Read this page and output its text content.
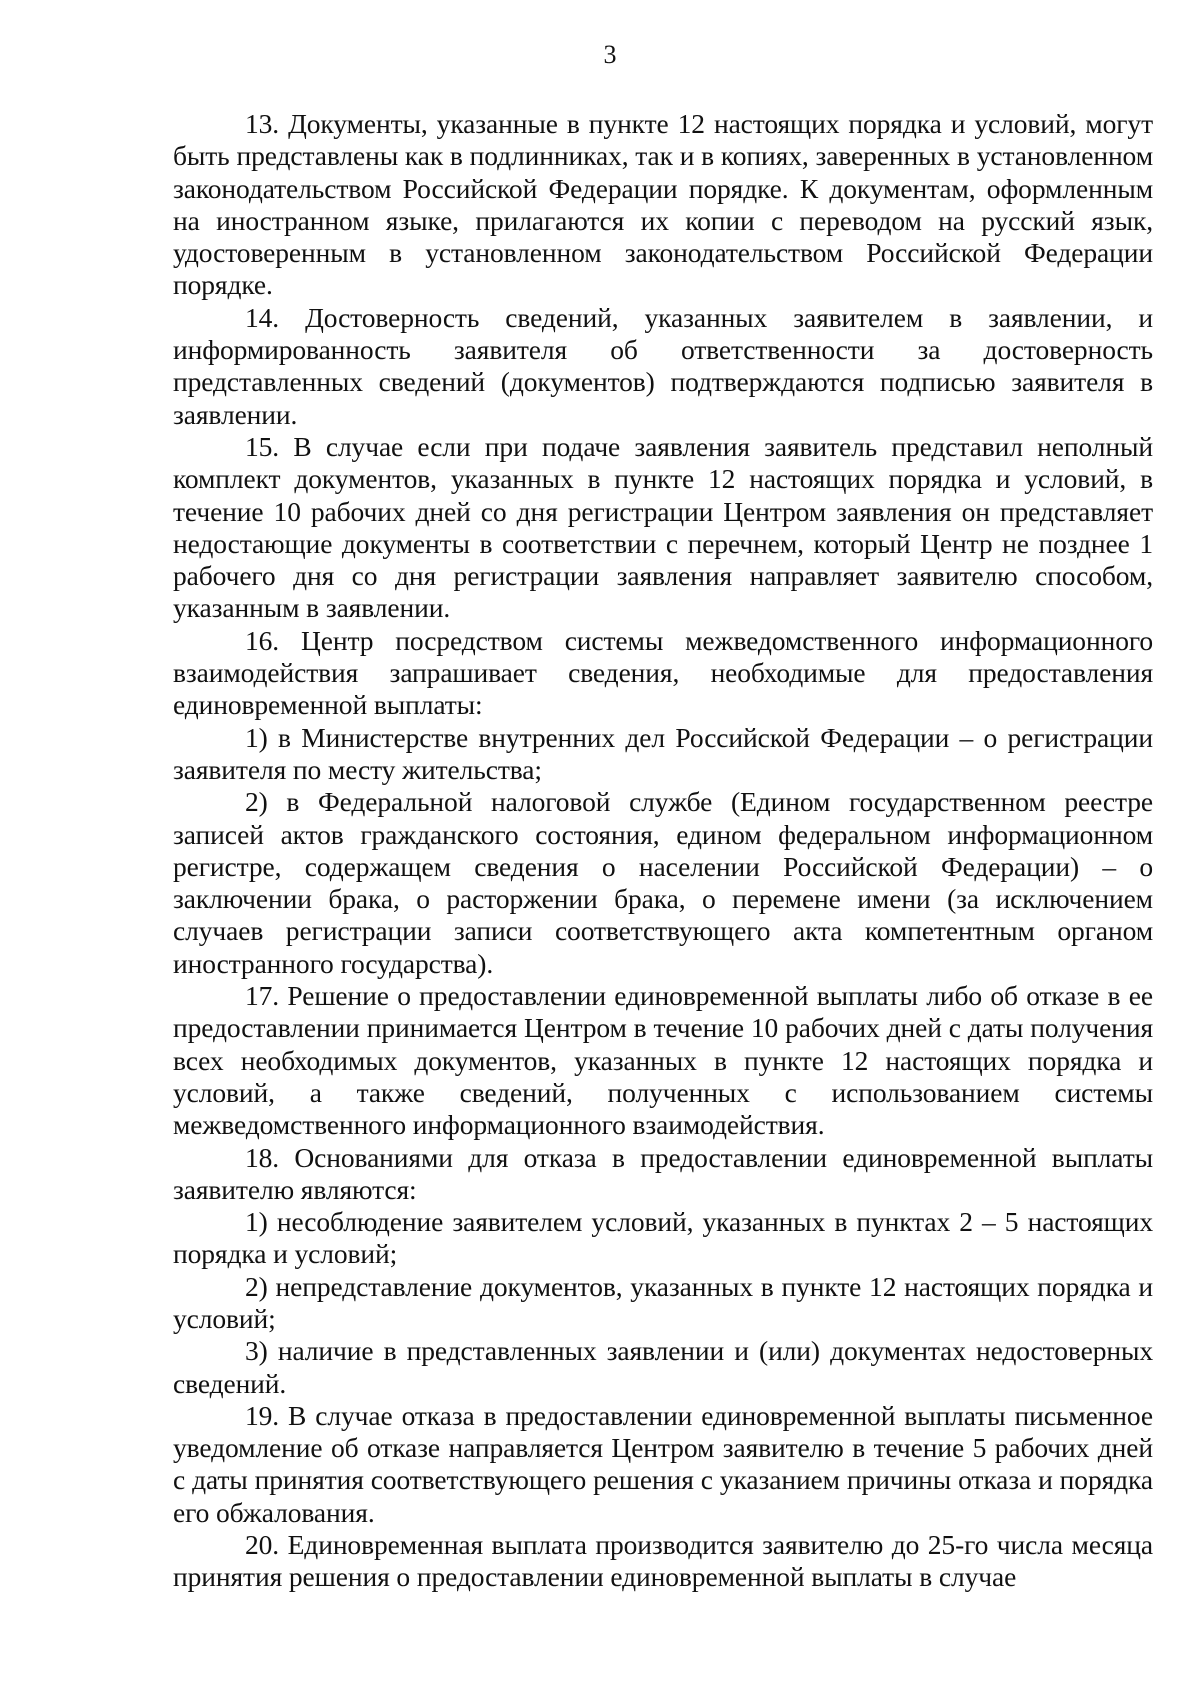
3

13. Документы, указанные в пункте 12 настоящих порядка и условий, могут быть представлены как в подлинниках, так и в копиях, заверенных в установленном законодательством Российской Федерации порядке. К документам, оформленным на иностранном языке, прилагаются их копии с переводом на русский язык, удостоверенным в установленном законодательством Российской Федерации порядке.

14. Достоверность сведений, указанных заявителем в заявлении, и информированность заявителя об ответственности за достоверность представленных сведений (документов) подтверждаются подписью заявителя в заявлении.

15. В случае если при подаче заявления заявитель представил неполный комплект документов, указанных в пункте 12 настоящих порядка и условий, в течение 10 рабочих дней со дня регистрации Центром заявления он представляет недостающие документы в соответствии с перечнем, который Центр не позднее 1 рабочего дня со дня регистрации заявления направляет заявителю способом, указанным в заявлении.

16. Центр посредством системы межведомственного информационного взаимодействия запрашивает сведения, необходимые для предоставления единовременной выплаты:

1) в Министерстве внутренних дел Российской Федерации – о регистрации заявителя по месту жительства;

2) в Федеральной налоговой службе (Едином государственном реестре записей актов гражданского состояния, едином федеральном информационном регистре, содержащем сведения о населении Российской Федерации) – о заключении брака, о расторжении брака, о перемене имени (за исключением случаев регистрации записи соответствующего акта компетентным органом иностранного государства).

17. Решение о предоставлении единовременной выплаты либо об отказе в ее предоставлении принимается Центром в течение 10 рабочих дней с даты получения всех необходимых документов, указанных в пункте 12 настоящих порядка и условий, а также сведений, полученных с использованием системы межведомственного информационного взаимодействия.

18. Основаниями для отказа в предоставлении единовременной выплаты заявителю являются:

1) несоблюдение заявителем условий, указанных в пунктах 2 – 5 настоящих порядка и условий;

2) непредставление документов, указанных в пункте 12 настоящих порядка и условий;

3) наличие в представленных заявлении и (или) документах недостоверных сведений.

19. В случае отказа в предоставлении единовременной выплаты письменное уведомление об отказе направляется Центром заявителю в течение 5 рабочих дней с даты принятия соответствующего решения с указанием причины отказа и порядка его обжалования.

20. Единовременная выплата производится заявителю до 25-го числа месяца принятия решения о предоставлении единовременной выплаты в случае
